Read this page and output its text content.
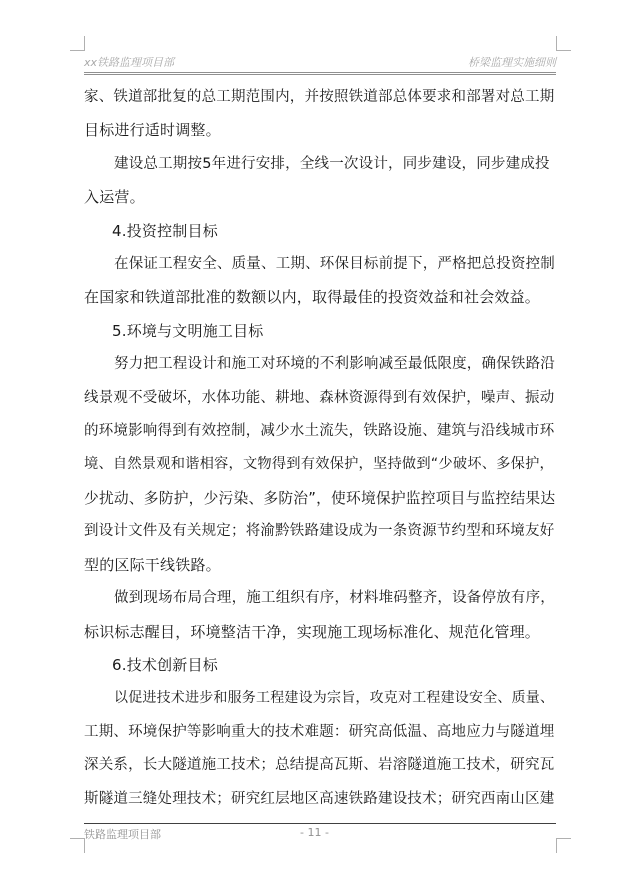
xx铁路监理项目部	桥梁监理实施细则

家、铁道部批复的总工期范围内，并按照铁道部总体要求和部署对总工期

目标进行适时调整。

建设总工期按5年进行安排，全线一次设计，同步建设，同步建成投

入运营。

4.投资控制目标

在保证工程安全、质量、工期、环保目标前提下，严格把总投资控制

在国家和铁道部批准的数额以内，取得最佳的投资效益和社会效益。

5.环境与文明施工目标

努力把工程设计和施工对环境的不利影响减至最低限度，确保铁路沿

线景观不受破坏，水体功能、耕地、森林资源得到有效保护，噪声、振动

的环境影响得到有效控制，减少水土流失，铁路设施、建筑与沿线城市环

境、自然景观和谐相容，文物得到有效保护，坚持做到“少破坏、多保护，

少扰动、多防护，少污染、多防治”，使环境保护监控项目与监控结果达

到设计文件及有关规定；将渝黔铁路建设成为一条资源节约型和环境友好

型的区际干线铁路。

做到现场布局合理，施工组织有序，材料堆码整齐，设备停放有序，

标识标志醒目，环境整洁干净，实现施工现场标准化、规范化管理。

6.技术创新目标

以促进技术进步和服务工程建设为宗旨，攻克对工程建设安全、质量、

工期、环境保护等影响重大的技术难题：研究高低温、高地应力与隧道埋

深关系，长大隧道施工技术；总结提高瓦斯、岩溶隧道施工技术，研究瓦

斯隧道三缝处理技术；研究红层地区高速铁路建设技术；研究西南山区建

铁路监理项目部	- 11 -
